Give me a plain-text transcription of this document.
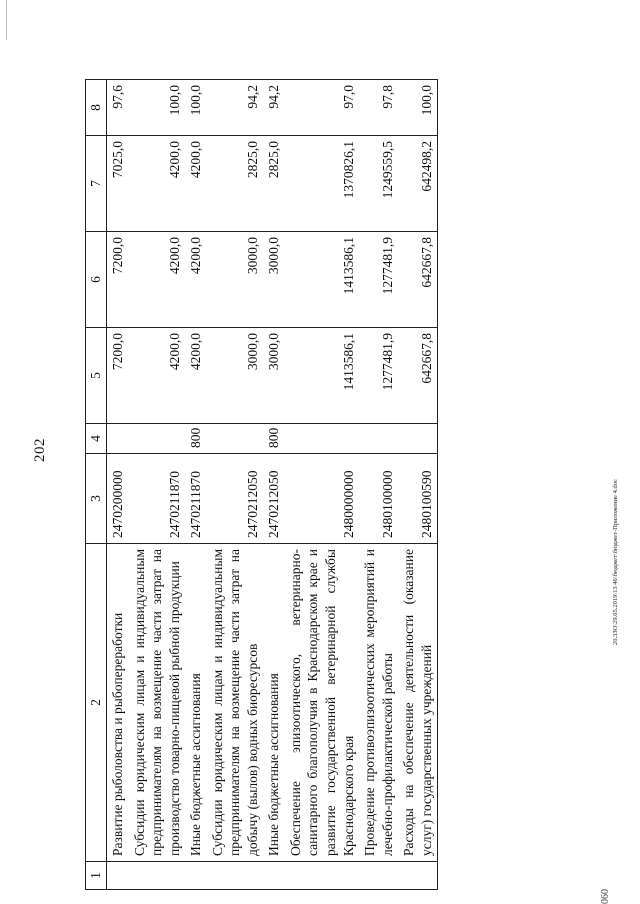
202
20.3ЗО\29.05.2019\13 46\бюджет\бюджет-Приложение 4.doc
060
1	2	3	4	5	6	7	8
	Развитие рыболовства и рыбоперерaботки	2470200000		7200,0	7200,0	7025,0	97,6
	Субсидии юридическим лицам и индивидуальным предпринимателям на возмещение части затрат на производство товарно-пищевой рыбной продукции	2470211870		4200,0	4200,0	4200,0	100,0
	Иные бюджетные ассигнования	2470211870	800	4200,0	4200,0	4200,0	100,0
	Субсидии юридическим лицам и индивидуальным предпринимателям на возмещение части затрат на добычу (вылов) водных биоресурсов	2470212050		3000,0	3000,0	2825,0	94,2
	Иные бюджетные ассигнования	2470212050	800	3000,0	3000,0	2825,0	94,2
	Обеспечение эпизоотического, ветеринарно-санитарного благополучия в Краснодарском крае и развитие государственной ветеринарной службы Краснодарского края	2480000000		1413586,1	1413586,1	1370826,1	97,0
	Проведение противоэпизоотических мероприятий и лечебно-профилактической работы	2480100000		1277481,9	1277481,9	1249559,5	97,8
	Расходы на обеспечение деятельности (оказание услуг) государственных учреждений	2480100590		642667,8	642667,8	642498,2	100,0
